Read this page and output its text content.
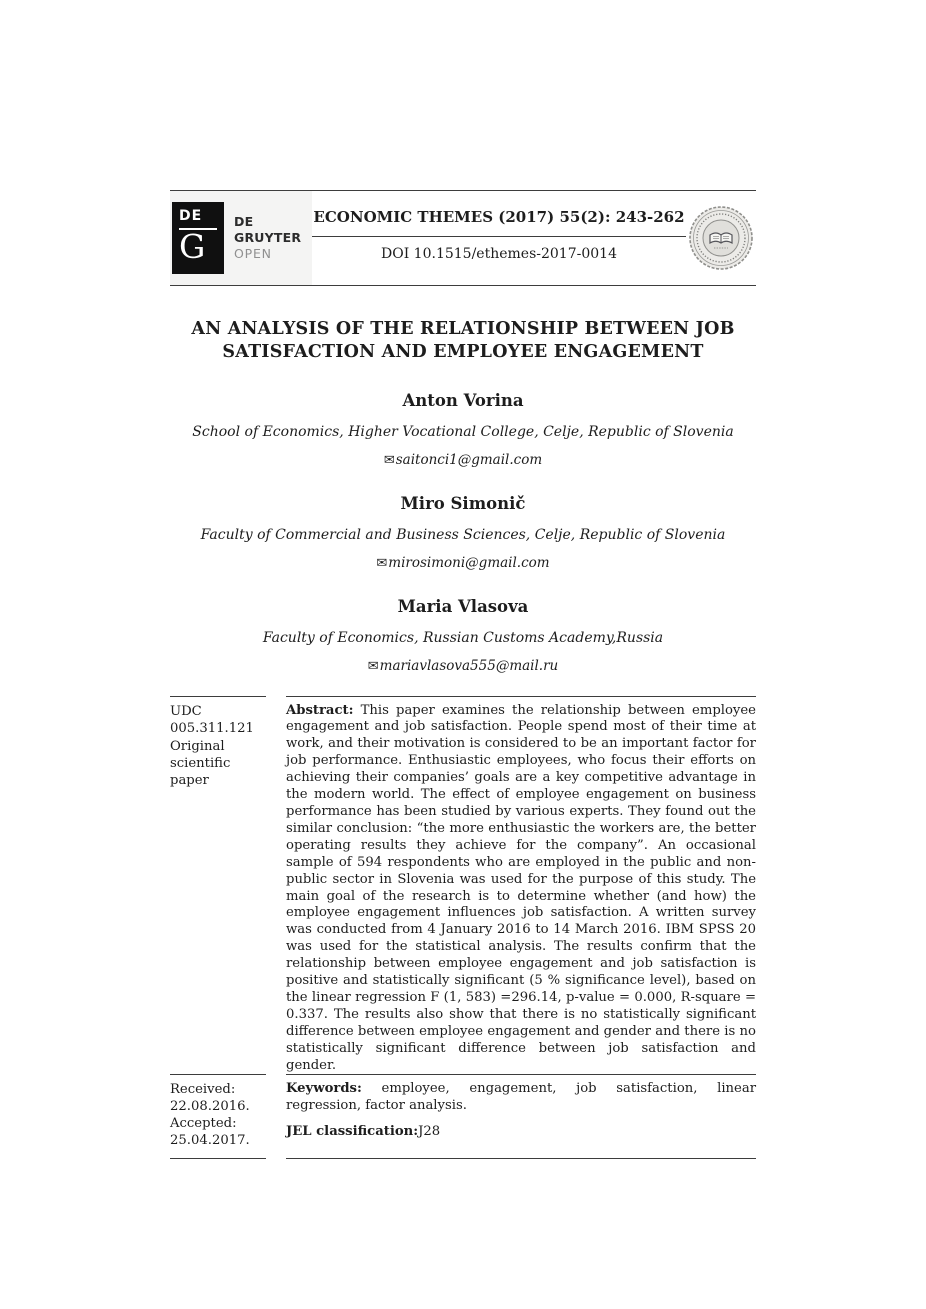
DE
G
DE GRUYTER
OPEN
ECONOMIC THEMES (2017) 55(2): 243-262
DOI 10.1515/ethemes-2017-0014
AN ANALYSIS OF THE RELATIONSHIP BETWEEN JOB SATISFACTION AND EMPLOYEE ENGAGEMENT
Anton Vorina
School of Economics, Higher Vocational College, Celje, Republic of Slovenia
✉saitonci1@gmail.com
Miro Simonič
Faculty of Commercial and Business Sciences, Celje, Republic of Slovenia
✉mirosimoni@gmail.com
Maria Vlasova
Faculty of Economics, Russian Customs Academy,Russia
✉mariavlasova555@mail.ru
UDC 005.311.121
Original scientific paper

Abstract: This paper examines the relationship between employee engagement and job satisfaction. People spend most of their time at work, and their motivation is considered to be an important factor for job performance. Enthusiastic employees, who focus their efforts on achieving their companies’ goals are a key competitive advantage in the modern world. The effect of employee engagement on business performance has been studied by various experts. They found out the similar conclusion: “the more enthusiastic the workers are, the better operating results they achieve for the company”. An occasional sample of 594 respondents who are employed in the public and non-public sector in Slovenia was used for the purpose of this study. The main goal of the research is to determine whether (and how) the employee engagement influences job satisfaction. A written survey was conducted from 4 January 2016 to 14 March 2016. IBM SPSS 20 was used for the statistical analysis. The results confirm that the relationship between employee engagement and job satisfaction is positive and statistically significant (5 % significance level), based on the linear regression F (1, 583) =296.14, p-value = 0.000, R-square = 0.337. The results also show that there is no statistically significant difference between employee engagement and gender and there is no statistically significant difference between job satisfaction and gender.

Received:
22.08.2016.
Accepted:
25.04.2017.

Keywords: employee, engagement, job satisfaction, linear regression, factor analysis.

JEL classification:J28
